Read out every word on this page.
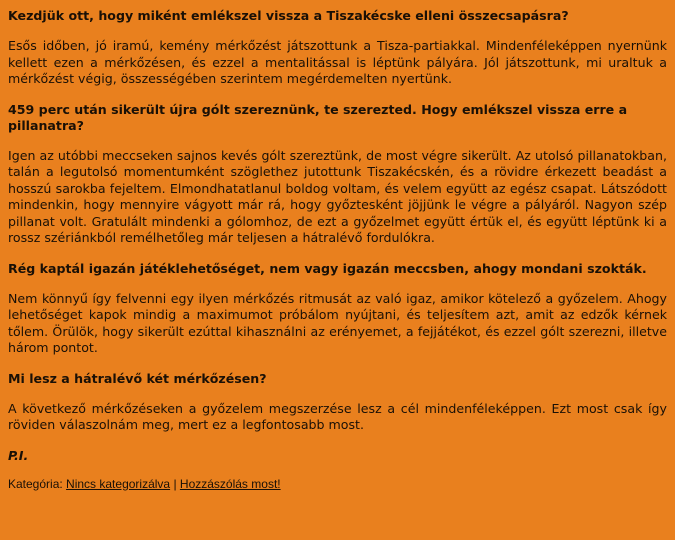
Kezdjük ott, hogy miként emlékszel vissza a Tiszakécske elleni összecsapásra?

Esős időben, jó iramú, kemény mérkőzést játszottunk a Tisza-partiakkal. Mindenféleképpen nyernünk kellett ezen a mérkőzésen, és ezzel a mentalitással is léptünk pályára. Jól játszottunk, mi uraltuk a mérkőzést végig, összességében szerintem megérdemelten nyertünk.

459 perc után sikerült újra gólt szereznünk, te szerezted. Hogy emlékszel vissza erre a pillanatra?

Igen az utóbbi meccseken sajnos kevés gólt szereztünk, de most végre sikerült. Az utolsó pillanatokban, talán a legutolsó momentumként szöglethez jutottunk Tiszakécskén, és a rövidre érkezett beadást a hosszú sarokba fejeltem. Elmondhatatlanul boldog voltam, és velem együtt az egész csapat. Látszódott mindenkin, hogy mennyire vágyott már rá, hogy győztesként jöjjünk le végre a pályáról. Nagyon szép pillanat volt. Gratulált mindenki a gólomhoz, de ezt a győzelmet együtt értük el, és együtt léptünk ki a rossz szériánkból remélhetőleg már teljesen a hátralévő fordulókra.

Rég kaptál igazán játéklehetőséget, nem vagy igazán meccsben, ahogy mondani szokták.

Nem könnyű így felvenni egy ilyen mérkőzés ritmusát az való igaz, amikor kötelező a győzelem. Ahogy lehetőséget kapok mindig a maximumot próbálom nyújtani, és teljesítem azt, amit az edzők kérnek tőlem. Örülök, hogy sikerült ezúttal kihasználni az erényemet, a fejjátékot, és ezzel gólt szerezni, illetve három pontot.

Mi lesz a hátralévő két mérkőzésen?

A következő mérkőzéseken a győzelem megszerzése lesz a cél mindenféleképpen. Ezt most csak így röviden válaszolnám meg, mert ez a legfontosabb most.

P.I.

Kategória: Nincs kategorizálva | Hozzászólás most!
